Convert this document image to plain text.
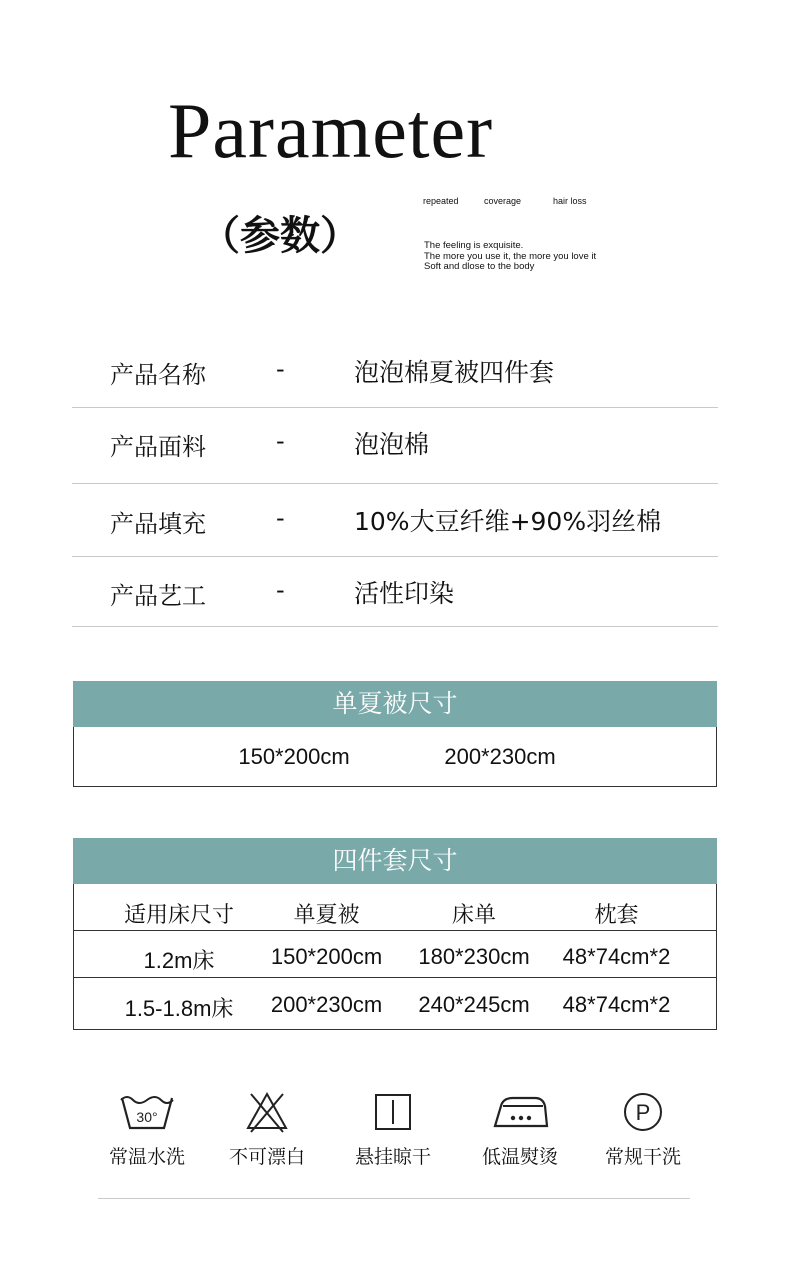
Parameter
（参数）
repeated	coverage	hair loss
The feeling is exquisite.
The more you use it, the more you love it
Soft and dlose to the body
产品名称	-	泡泡棉夏被四件套
产品面料	-	泡泡棉
产品填充	-	10%大豆纤维+90%羽丝棉
产品艺工	-	活性印染
单夏被尺寸
150*200cm	200*230cm
四件套尺寸
适用床尺寸	单夏被	床单	枕套
1.2m床	150*200cm	180*230cm	48*74cm*2
1.5-1.8m床	200*230cm	240*245cm	48*74cm*2
30°
常温水洗	不可漂白	悬挂晾干	低温熨烫
P
常规干洗
